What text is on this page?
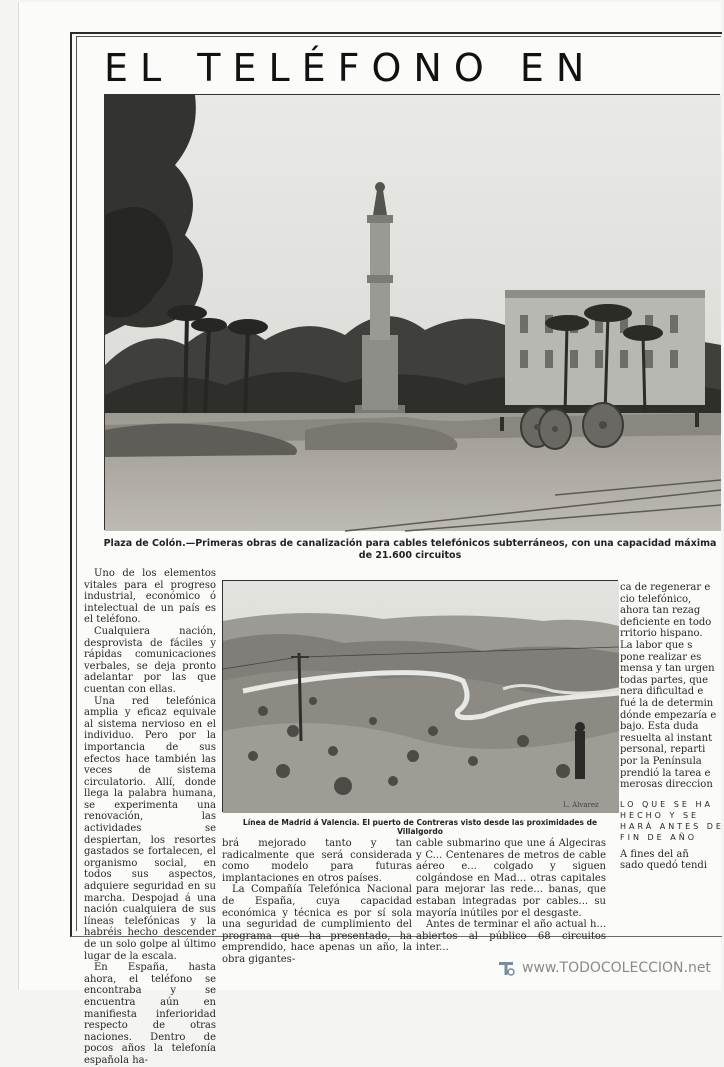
EL TELÉFONO EN
Plaza de Colón.—Primeras obras de canalización para cables telefónicos subterráneos, con una capacidad máxima de 21.600 circuitos

Uno de los elementos vitales para el progreso industrial, económico ó intelectual de un país es el teléfono.

Cualquiera nación, desprovista de fáciles y rápidas comunicaciones verbales, se deja pronto adelantar por las que cuentan con ellas.

Una red telefónica amplia y eficaz equivale al sistema nervioso en el individuo. Pero por la importancia de sus efectos hace también las veces de sistema circulatorio. Allí, donde llega la palabra humana, se experimenta una renovación, las actividades se despiertan, los resortes gastados se fortalecen, el organismo social, en todos sus aspectos, adquiere seguridad en su marcha. Despojad á una nación cualquiera de sus líneas telefónicas y la habréis hecho descender de un solo golpe al último lugar de la escala.

En España, hasta ahora, el teléfono se encontraba y se encuentra aún en manifiesta inferioridad respecto de otras naciones. Dentro de pocos años la telefonía española ha-

L. Alvarez
Línea de Madrid á Valencia. El puerto de Contreras visto desde las proximidades de Villalgordo

brá mejorado tanto y tan radicalmente que será considerada como modelo para futuras implantaciones en otros países.

La Compañía Telefónica Nacional de España, cuya capacidad económica y técnica es por sí sola una seguridad de cumplimiento del programa que ha presentado, ha emprendido, hace apenas un año, la obra gigantes-

cable submarino que une á Algeciras y C... Centenares de metros de cable aéreo e... colgado y siguen colgándose en Mad... otras capitales para mejorar las rede... banas, que estaban integradas por cables... su mayoría inútiles por el desgaste.

Antes de terminar el año actual h... abiertos al público 68 circuitos inter...

ca de regenerar e
cio telefónico,
ahora tan rezag
deficiente en todo
rritorio hispano.
La labor que s
pone realizar es
mensa y tan urgen
todas partes, que
nera dificultad e
fué la de determin
dónde empezaría e
bajo. Esta duda
resuelta al instant
personal, reparti
por la Península
prendió la tarea e
merosas direccion
LO QUE SE HA
HECHO Y SE
HARÁ ANTES DE
FIN DE AÑO
A fines del añ
sado quedó tendi
www.TODOCOLECCION.net
